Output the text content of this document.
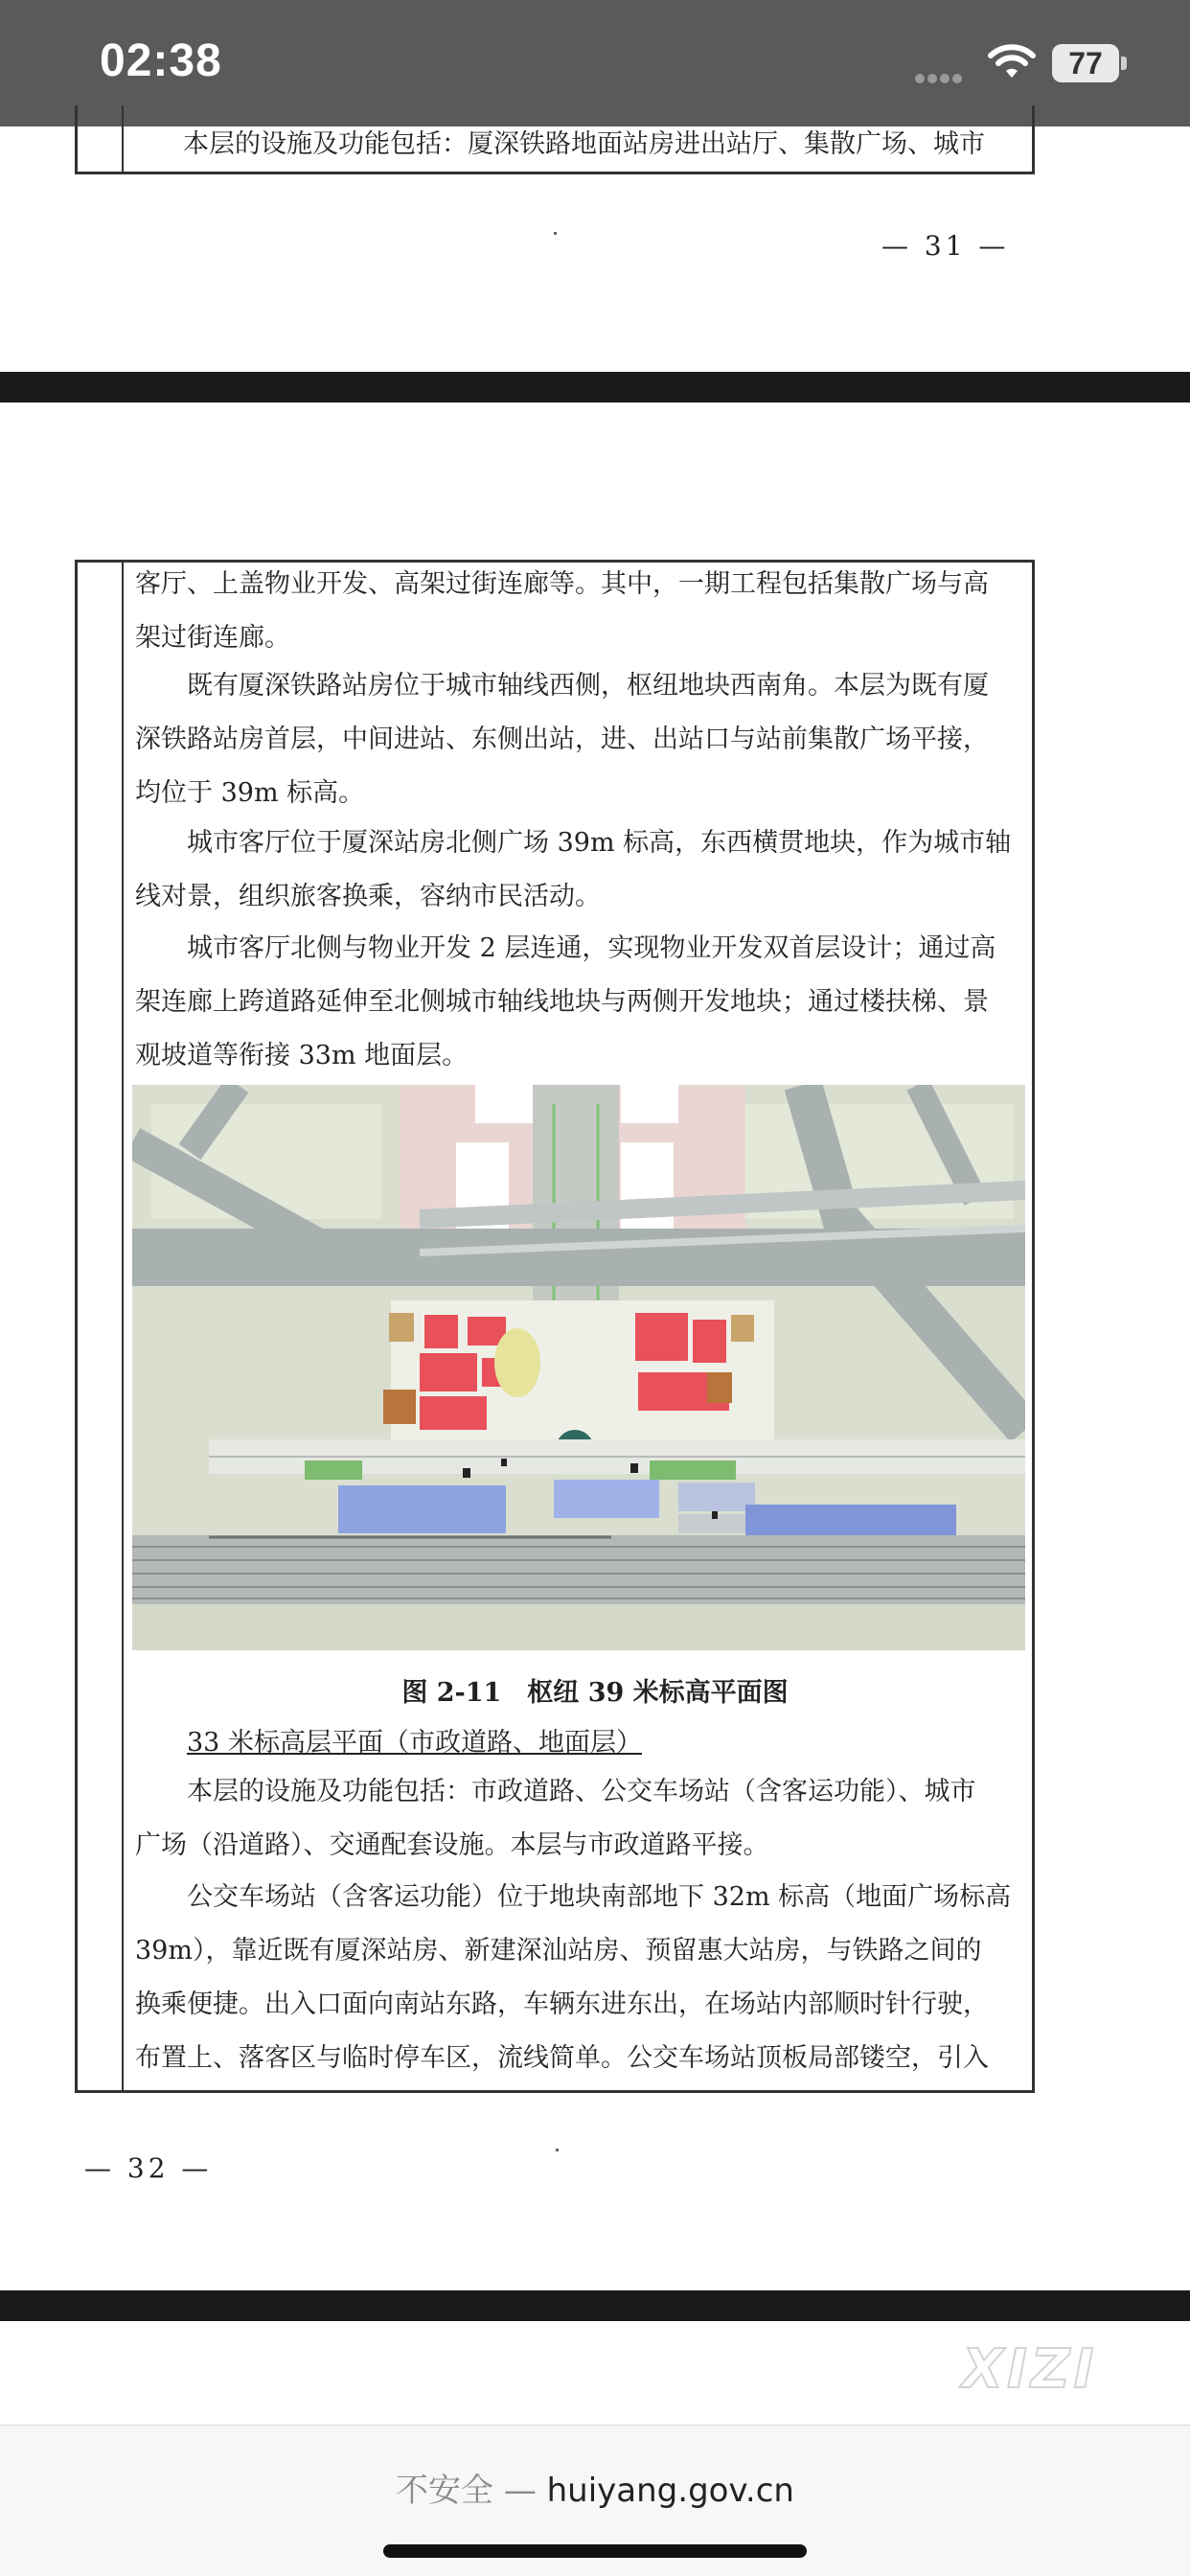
02:38	77
本层的设施及功能包括：厦深铁路地面站房进出站厅、集散广场、城市
— 31 —
客厅、上盖物业开发、高架过街连廊等。其中，一期工程包括集散广场与高
架过街连廊。
既有厦深铁路站房位于城市轴线西侧，枢纽地块西南角。本层为既有厦
深铁路站房首层，中间进站、东侧出站，进、出站口与站前集散广场平接，
均位于 39m 标高。
城市客厅位于厦深站房北侧广场 39m 标高，东西横贯地块，作为城市轴
线对景，组织旅客换乘，容纳市民活动。
城市客厅北侧与物业开发 2 层连通，实现物业开发双首层设计；通过高
架连廊上跨道路延伸至北侧城市轴线地块与两侧开发地块；通过楼扶梯、景
观坡道等衔接 33m 地面层。
图 2-11　枢纽 39 米标高平面图
33 米标高层平面（市政道路、地面层）
本层的设施及功能包括：市政道路、公交车场站（含客运功能）、城市
广场（沿道路）、交通配套设施。本层与市政道路平接。
公交车场站（含客运功能）位于地块南部地下 32m 标高（地面广场标高
39m），靠近既有厦深站房、新建深汕站房、预留惠大站房，与铁路之间的
换乘便捷。出入口面向南站东路，车辆东进东出，在场站内部顺时针行驶，
布置上、落客区与临时停车区，流线简单。公交车场站顶板局部镂空，引入
— 32 —
XIZI
不安全 — huiyang.gov.cn
